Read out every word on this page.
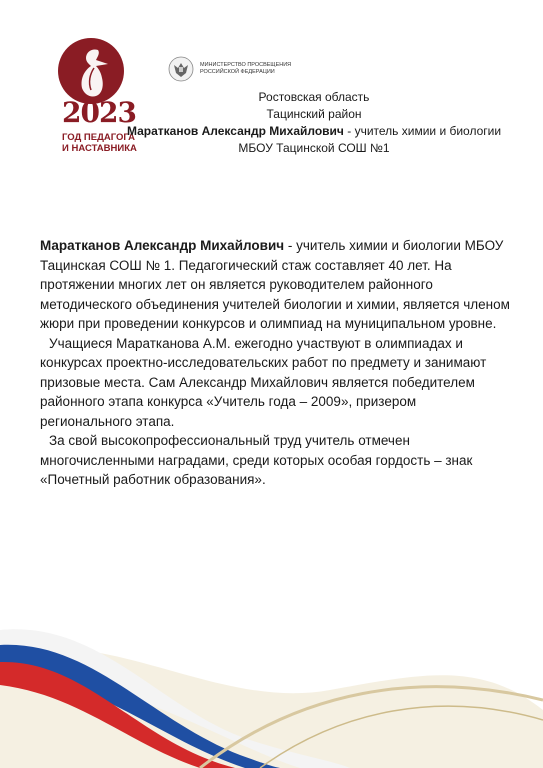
2023
ГОД ПЕДАГОГА
И НАСТАВНИКА
МИНИСТЕРСТВО ПРОСВЕЩЕНИЯ
РОССИЙСКОЙ ФЕДЕРАЦИИ
Ростовская область
Тацинский район
Маратканов Александр Михайлович - учитель химии и биологии
МБОУ Тацинской СОШ №1

Маратканов Александр Михайлович - учитель химии и биологии МБОУ Тацинская СОШ № 1. Педагогический стаж составляет 40 лет. На протяжении многих лет он является руководителем районного методического объединения учителей биологии и химии, является членом жюри при проведении конкурсов и олимпиад на муниципальном уровне.

Учащиеся Маратканова А.М. ежегодно участвуют в олимпиадах и конкурсах проектно-исследовательских работ по предмету и занимают призовые места. Сам Александр Михайлович является победителем районного этапа конкурса «Учитель года – 2009», призером регионального этапа.

За свой высокопрофессиональный труд учитель отмечен многочисленными наградами, среди которых особая гордость – знак «Почетный работник образования».
